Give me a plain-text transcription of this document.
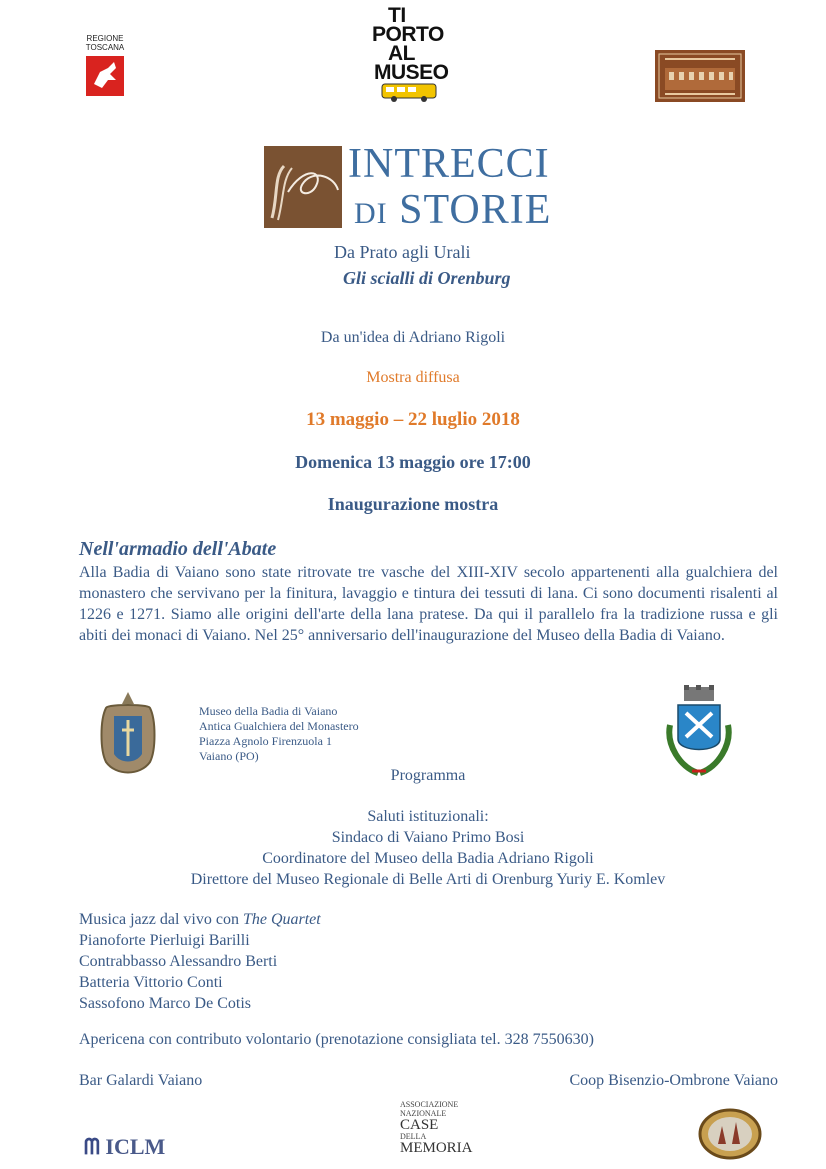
REGIONE TOSCANA
TI
PORTO
AL
MUSEO
INTRECCI
DI STORIE
Da Prato agli Urali
Gli scialli di Orenburg
Da un'idea di Adriano Rigoli
Mostra diffusa
13 maggio – 22 luglio 2018
Domenica 13 maggio ore 17:00
Inaugurazione mostra
Nell'armadio dell'Abate
Alla Badia di Vaiano sono state ritrovate tre vasche del XIII-XIV secolo appartenenti alla gualchiera del monastero che servivano per la finitura, lavaggio e tintura dei tessuti di lana. Ci sono documenti risalenti al 1226 e 1271. Siamo alle origini dell'arte della lana pratese. Da qui il parallelo fra la tradizione russa e gli abiti dei monaci di Vaiano. Nel 25° anniversario dell'inaugurazione del Museo della Badia di Vaiano.
Museo della Badia di Vaiano
Antica Gualchiera del Monastero
Piazza Agnolo Firenzuola 1
Vaiano (PO)
Programma
Saluti istituzionali:
Sindaco di Vaiano Primo Bosi
Coordinatore del Museo della Badia Adriano Rigoli
Direttore del Museo Regionale di Belle Arti di Orenburg Yuriy E. Komlev
Musica jazz dal vivo con The Quartet
Pianoforte Pierluigi Barilli
Contrabbasso Alessandro Berti
Batteria Vittorio Conti
Sassofono Marco De Cotis
Apericena con contributo volontario (prenotazione consigliata tel. 328 7550630)
Bar Galardi Vaiano	Coop Bisenzio-Ombrone Vaiano
ᗰ ICLM
ASSOCIAZIONE NAZIONALE
CASE
DELLA
MEMORIA
